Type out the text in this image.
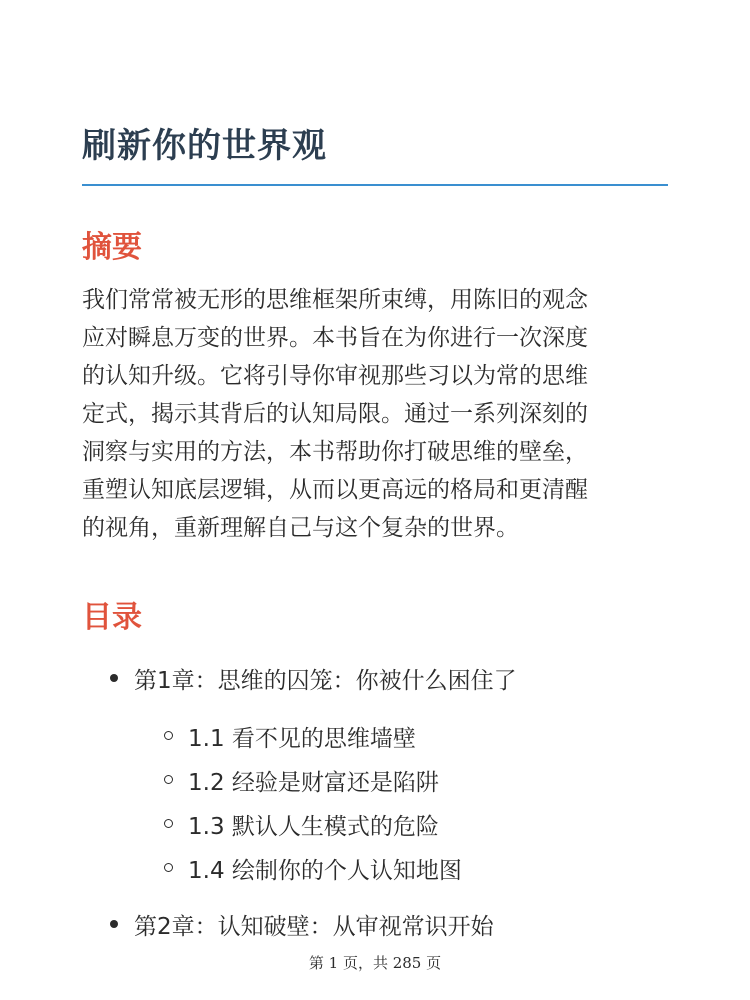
刷新你的世界观
摘要

我们常常被无形的思维框架所束缚，用陈旧的观念
应对瞬息万变的世界。本书旨在为你进行一次深度
的认知升级。它将引导你审视那些习以为常的思维
定式，揭示其背后的认知局限。通过一系列深刻的
洞察与实用的方法，本书帮助你打破思维的壁垒，
重塑认知底层逻辑，从而以更高远的格局和更清醒
的视角，重新理解自己与这个复杂的世界。

目录
第1章：思维的囚笼：你被什么困住了
1.1 看不见的思维墙壁
1.2 经验是财富还是陷阱
1.3 默认人生模式的危险
1.4 绘制你的个人认知地图
第2章：认知破壁：从审视常识开始
第 1 页，共 285 页
